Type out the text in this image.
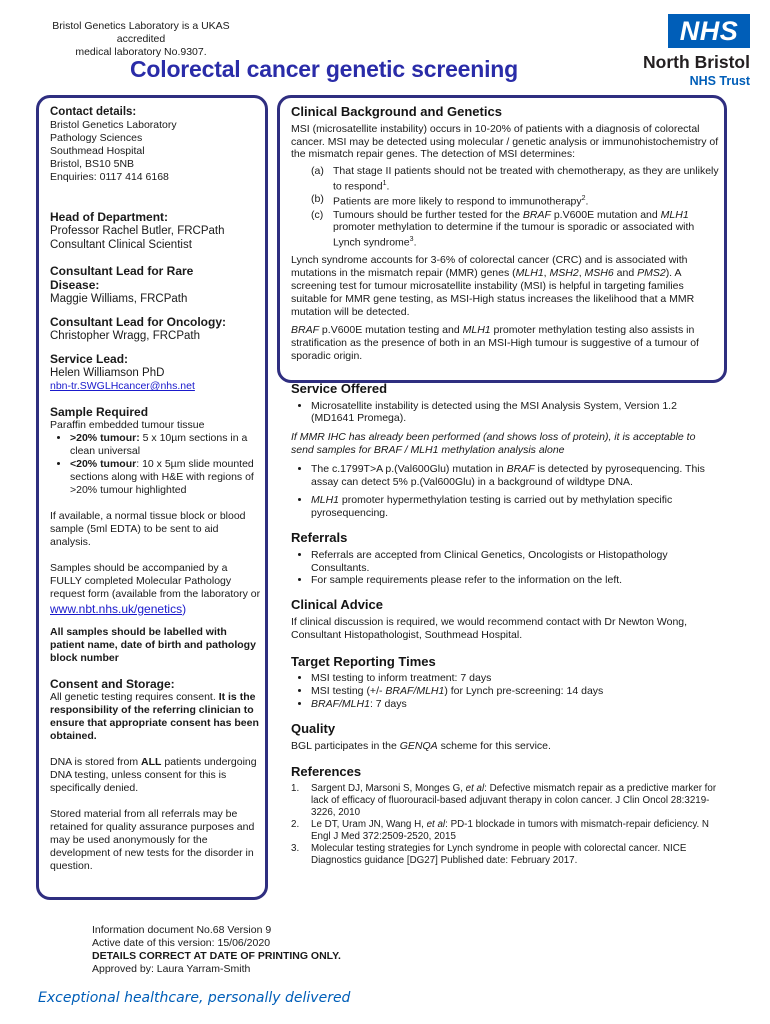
Bristol Genetics Laboratory is a UKAS accredited
medical laboratory No.9307.
Colorectal cancer genetic screening
NHS
North Bristol
NHS Trust

Contact details:

Bristol Genetics Laboratory
Pathology Sciences
Southmead Hospital
Bristol, BS10 5NB
Enquiries: 0117 414 6168

Head of Department:

Professor Rachel Butler, FRCPath
Consultant Clinical Scientist

Consultant Lead for Rare
Disease:

Maggie Williams, FRCPath

Consultant Lead for Oncology:

Christopher Wragg, FRCPath

Service Lead:

Helen Williamson PhD
nbn-tr.SWGLHcancer@nhs.net

Sample Required

Paraffin embedded tumour tissue
• >20% tumour: 5 x 10µm sections in a clean universal
• <20% tumour: 10 x 5µm slide mounted sections along with H&E with regions of >20% tumour highlighted

If available, a normal tissue block or blood sample (5ml EDTA) to be sent to aid analysis.

Samples should be accompanied by a FULLY completed Molecular Pathology request form (available from the laboratory or

www.nbt.nhs.uk/genetics)

All samples should be labelled with patient name, date of birth and pathology block number

Consent and Storage:

All genetic testing requires consent. It is the responsibility of the referring clinician to ensure that appropriate consent has been obtained.

DNA is stored from ALL patients undergoing DNA testing, unless consent for this is specifically denied.

Stored material from all referrals may be retained for quality assurance purposes and may be used anonymously for the development of new tests for the disorder in question.

Clinical Background and Genetics

MSI (microsatellite instability) occurs in 10-20% of patients with a diagnosis of colorectal cancer. MSI may be detected using molecular / genetic analysis or immunohistochemistry of the mismatch repair genes. The detection of MSI determines:

(a) That stage II patients should not be treated with chemotherapy, as they are unlikely to respond$^1$.
(b) Patients are more likely to respond to immunotherapy$^2$.
(c) Tumours should be further tested for the BRAF p.V600E mutation and MLH1 promoter methylation to determine if the tumour is sporadic or associated with Lynch syndrome$^3$.

Lynch syndrome accounts for 3-6% of colorectal cancer (CRC) and is associated with mutations in the mismatch repair (MMR) genes (MLH1, MSH2, MSH6 and PMS2). A screening test for tumour microsatellite instability (MSI) is helpful in targeting families suitable for MMR gene testing, as MSI-High status increases the likelihood that a MMR mutation will be detected.

BRAF p.V600E mutation testing and MLH1 promoter methylation testing also assists in stratification as the presence of both in an MSI-High tumour is suggestive of a tumour of sporadic origin.

Service Offered

• Microsatellite instability is detected using the MSI Analysis System, Version 1.2 (MD1641 Promega).

If MMR IHC has already been performed (and shows loss of protein), it is acceptable to send samples for BRAF / MLH1 methylation analysis alone

• The c.1799T>A p.(Val600Glu) mutation in BRAF is detected by pyrosequencing. This assay can detect 5% p.(Val600Glu) in a background of wildtype DNA.
• MLH1 promoter hypermethylation testing is carried out by methylation specific pyrosequencing.

Referrals

• Referrals are accepted from Clinical Genetics, Oncologists or Histopathology Consultants.
• For sample requirements please refer to the information on the left.

Clinical Advice

If clinical discussion is required, we would recommend contact with Dr Newton Wong, Consultant Histopathologist, Southmead Hospital.

Target Reporting Times

• MSI testing to inform treatment: 7 days
• MSI testing (+/- BRAF/MLH1) for Lynch pre-screening: 14 days
• BRAF/MLH1: 7 days

Quality

BGL participates in the GENQA scheme for this service.

References

1.	Sargent DJ, Marsoni S, Monges G, et al: Defective mismatch repair as a predictive marker for lack of efficacy of fluorouracil-based adjuvant therapy in colon cancer. J Clin Oncol 28:3219-3226, 2010
2.	Le DT, Uram JN, Wang H, et al: PD-1 blockade in tumors with mismatch-repair deficiency. N Engl J Med 372:2509-2520, 2015
3.	Molecular testing strategies for Lynch syndrome in people with colorectal cancer. NICE Diagnostics guidance [DG27] Published date: February 2017.
Information document No.68 Version 9
Active date of this version: 15/06/2020
DETAILS CORRECT AT DATE OF PRINTING ONLY.
Approved by: Laura Yarram-Smith
Exceptional healthcare, personally delivered
